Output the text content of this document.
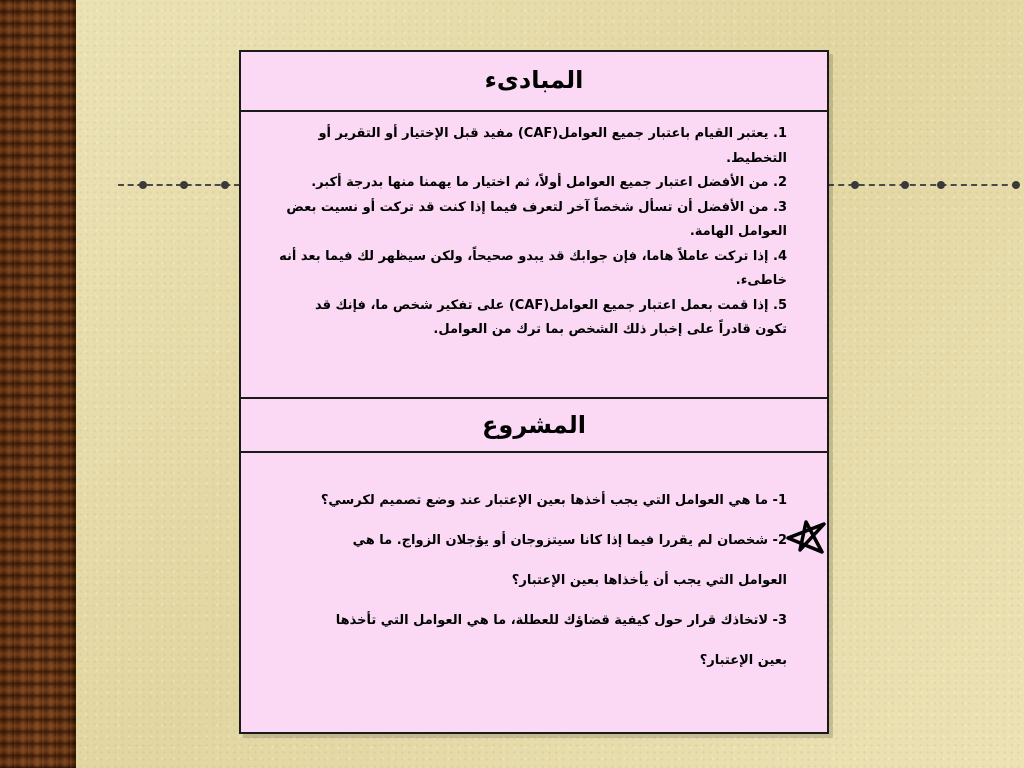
المبادىء

1. يعتبر القيام باعتبار جميع العوامل(CAF) مفيد قبل الإختيار أو التقرير أو التخطيط.

2. من الأفضل اعتبار جميع العوامل أولاً، ثم اختيار ما يهمنا منها بدرجة أكبر.

3. من الأفضل أن تسأل شخصاً آخر لتعرف فيما إذا كنت قد تركت أو نسيت بعض العوامل الهامة.

4. إذا تركت عاملاً هاما، فإن جوابك قد يبدو صحيحاً، ولكن سيظهر لك فيما بعد أنه خاطىء.

5. إذا قمت بعمل اعتبار جميع العوامل(CAF) على تفكير شخص ما، فإنك قد تكون قادراً على إخبار ذلك الشخص بما ترك من العوامل.

المشروع

1- ما هي العوامل التي يجب أخذها بعين الإعتبار عند وضع تصميم لكرسي؟

2- شخصان لم يقررا فيما إذا كانا سيتزوجان أو يؤجلان الزواج. ما هي العوامل التي يجب أن يأخذاها بعين الإعتبار؟

3- لاتخاذك قرار حول كيفية قضاؤك للعطلة، ما هي العوامل التي تأخذها بعين الإعتبار؟
